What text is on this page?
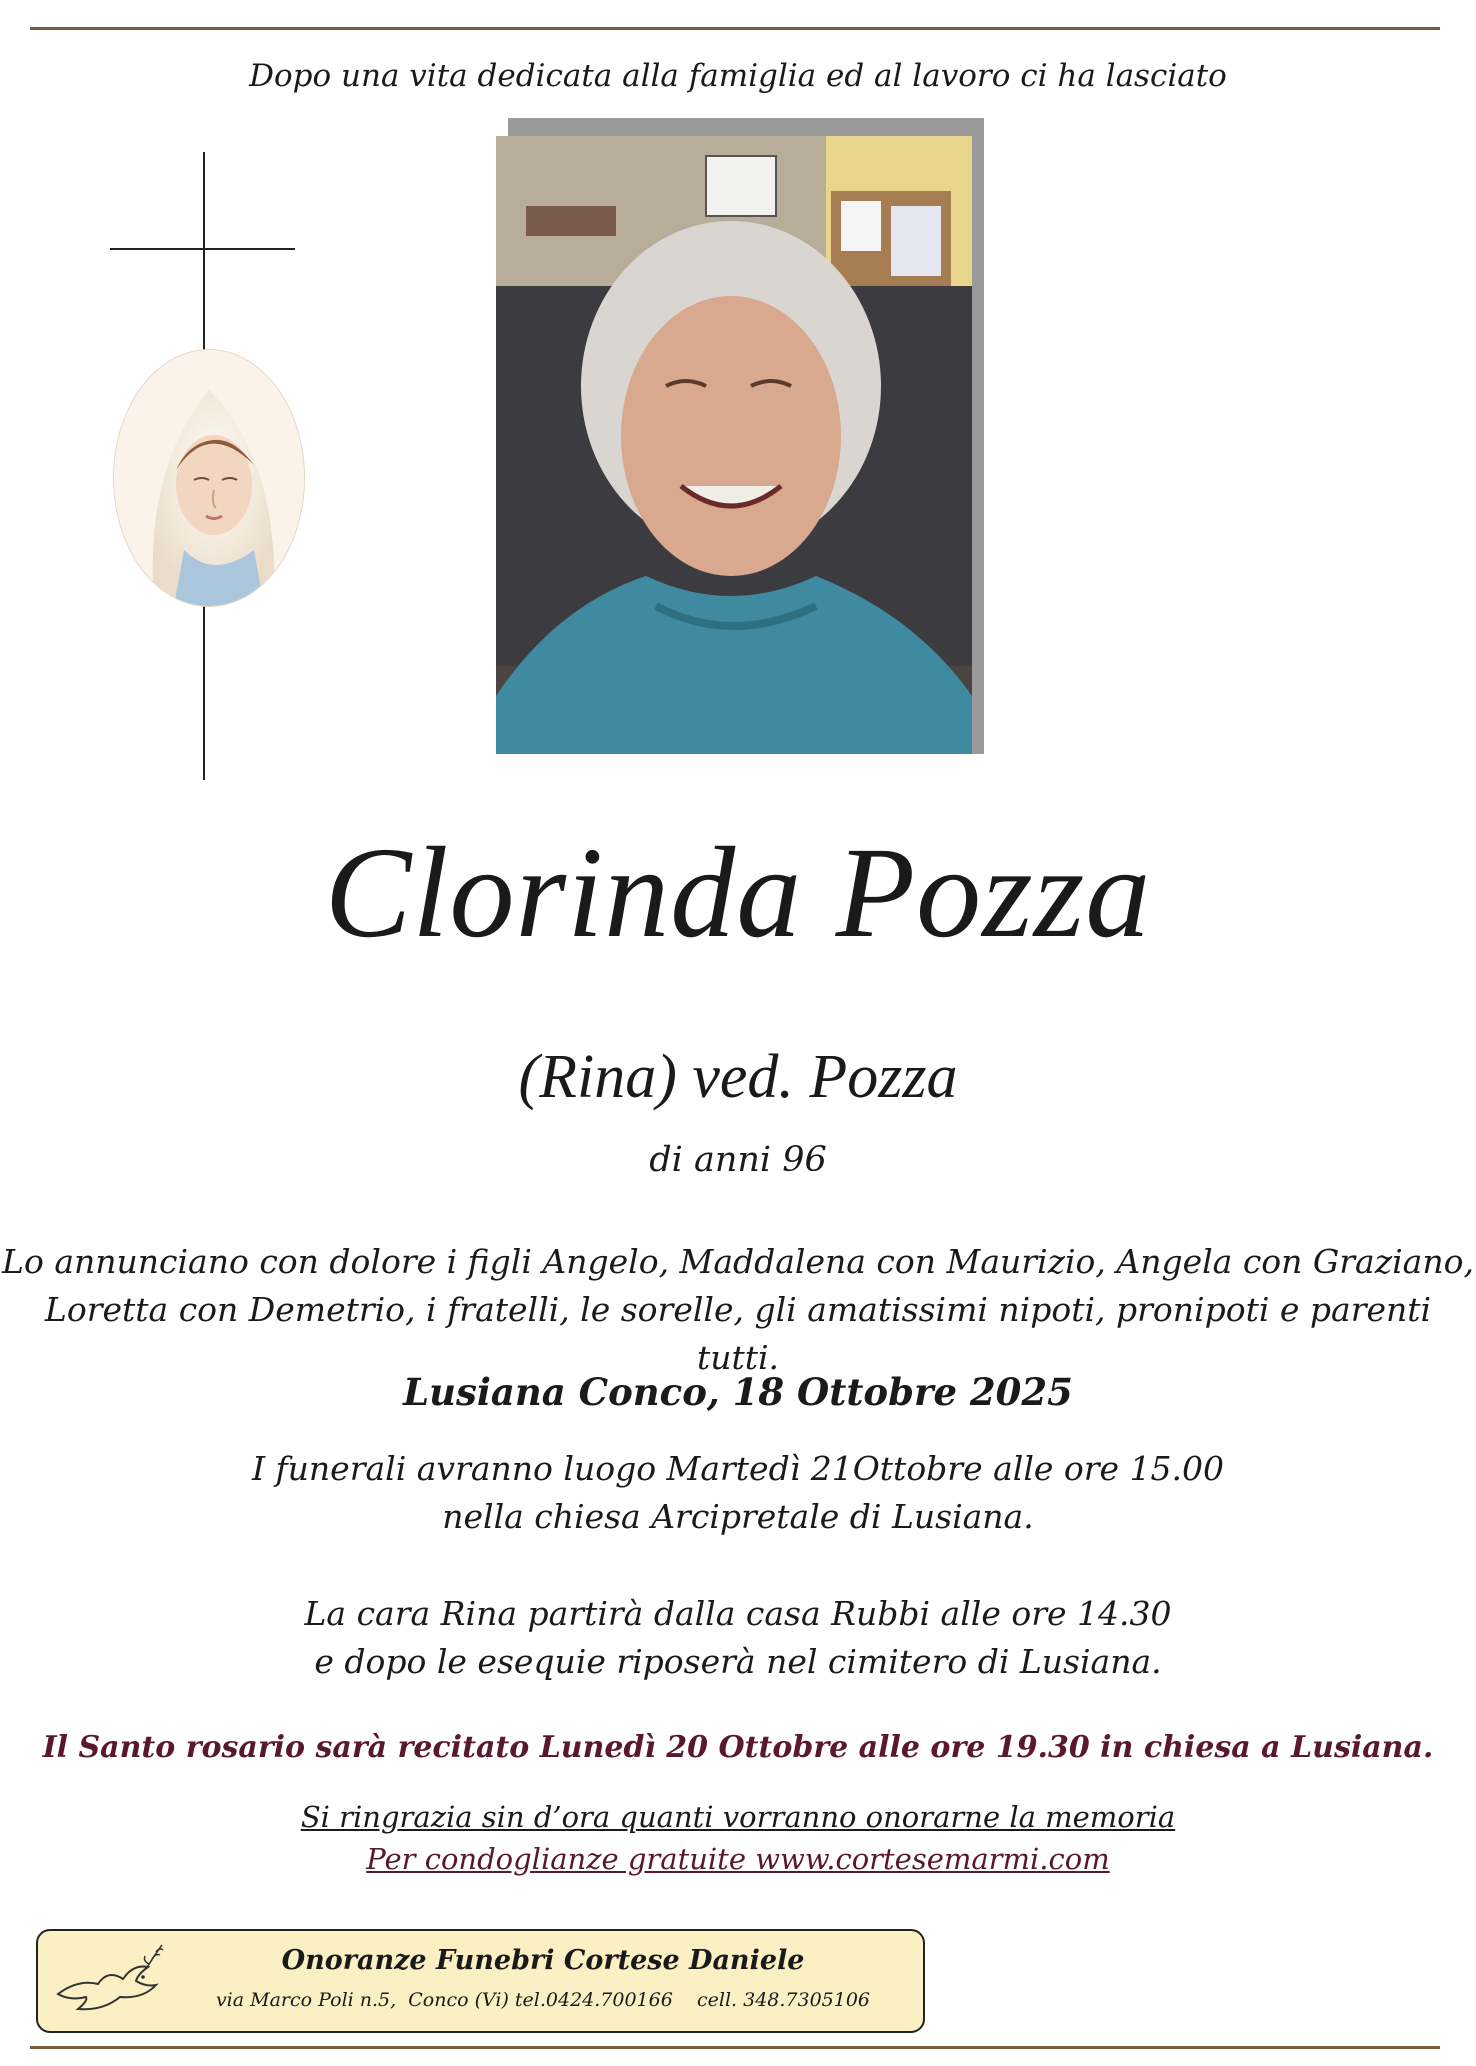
Dopo una vita dedicata alla famiglia ed al lavoro ci ha lasciato
Clorinda Pozza
(Rina) ved. Pozza
di anni 96
Lo annunciano con dolore i figli Angelo, Maddalena con Maurizio, Angela con Graziano,
Loretta con Demetrio, i fratelli, le sorelle, gli amatissimi nipoti, pronipoti e parenti tutti.
Lusiana Conco, 18 Ottobre 2025
I funerali avranno luogo Martedì 21Ottobre alle ore 15.00
nella chiesa Arcipretale di Lusiana.
La cara Rina partirà dalla casa Rubbi alle ore 14.30
e dopo le esequie riposerà nel cimitero di Lusiana.
Il Santo rosario sarà recitato Lunedì 20 Ottobre alle ore 19.30 in chiesa a Lusiana.
Si ringrazia sin d’ora quanti vorranno onorarne la memoria
Per condoglianze gratuite www.cortesemarmi.com
Onoranze Funebri Cortese Daniele
via Marco Poli n.5,  Conco (Vi) tel.0424.700166    cell. 348.7305106
